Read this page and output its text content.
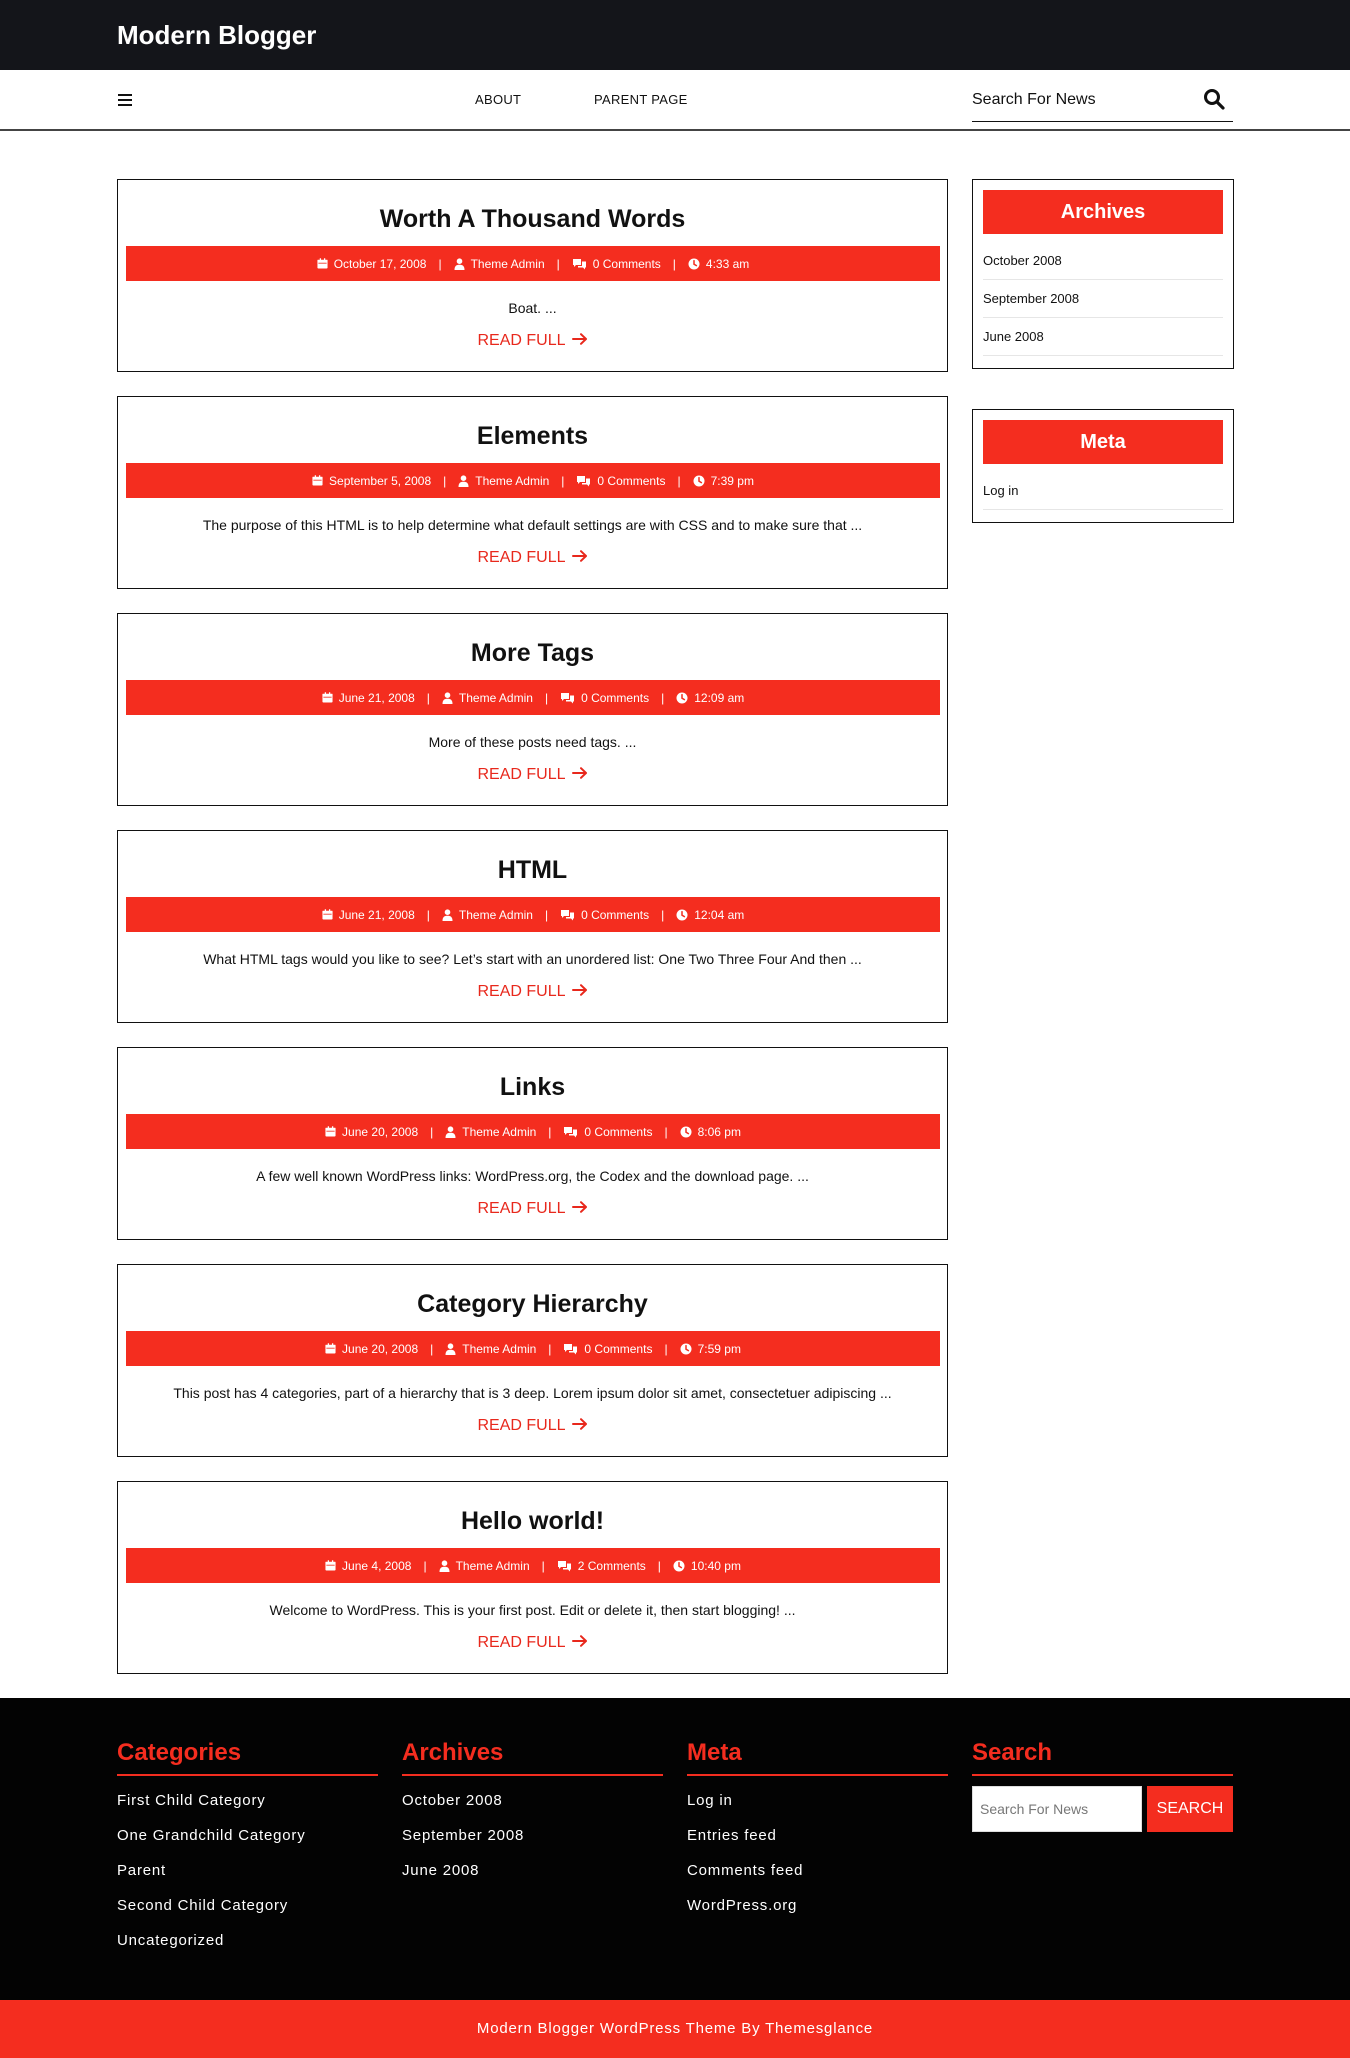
Modern Blogger
ABOUT	PARENT PAGE
Search For News
Worth A Thousand Words
October 17, 2008 | Theme Admin |	0 Comments |	4:33 am
Boat. ...
READ FULL
Elements
September 5, 2008 | Theme Admin |	0 Comments |	7:39 pm
The purpose of this HTML is to help determine what default settings are with CSS and to make sure that ...
READ FULL
More Tags
June 21, 2008 | Theme Admin |	0 Comments |	12:09 am
More of these posts need tags. ...
READ FULL
HTML
June 21, 2008 | Theme Admin |	0 Comments |	12:04 am
What HTML tags would you like to see? Let’s start with an unordered list: One Two Three Four And then ...
READ FULL
Links
June 20, 2008 | Theme Admin |	0 Comments |	8:06 pm
A few well known WordPress links: WordPress.org, the Codex and the download page. ...
READ FULL
Category Hierarchy
June 20, 2008 | Theme Admin |	0 Comments |	7:59 pm
This post has 4 categories, part of a hierarchy that is 3 deep. Lorem ipsum dolor sit amet, consectetuer adipiscing ...
READ FULL
Hello world!
June 4, 2008 | Theme Admin |	2 Comments |	10:40 pm
Welcome to WordPress. This is your first post. Edit or delete it, then start blogging! ...
READ FULL
Archives
October 2008
September 2008
June 2008
Meta
Log in
Categories
First Child Category
One Grandchild Category
Parent
Second Child Category
Uncategorized
Archives
October 2008
September 2008
June 2008
Meta
Log in
Entries feed
Comments feed
WordPress.org
Search
Search For News
SEARCH
Modern Blogger WordPress Theme By Themesglance
